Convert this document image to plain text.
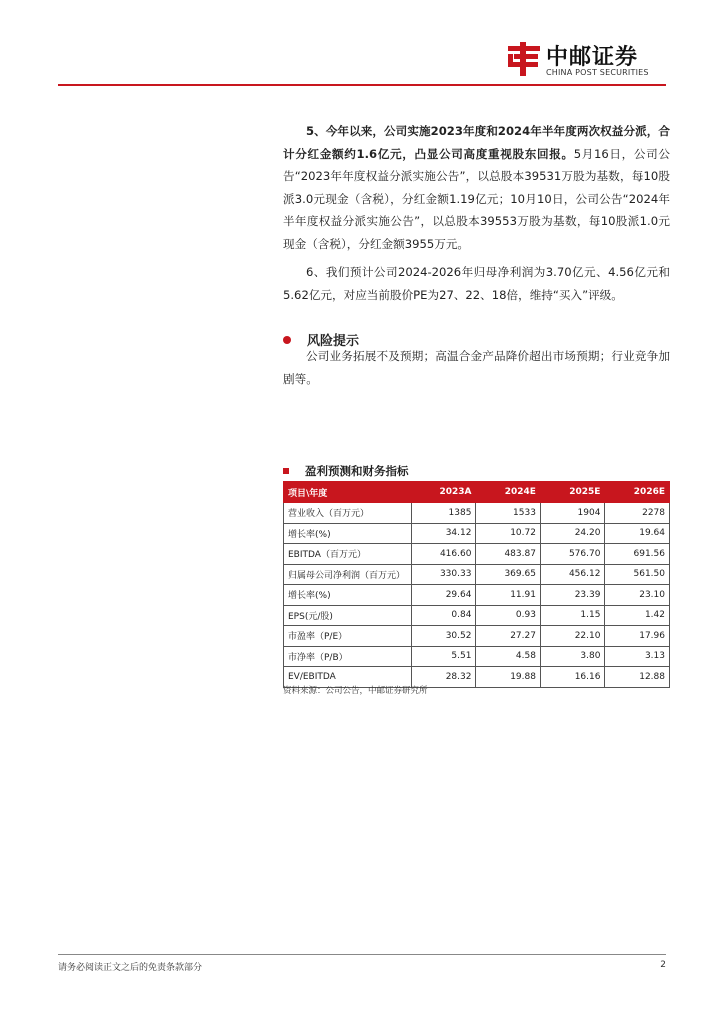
中邮证券
CHINA POST SECURITIES
5、今年以来，公司实施2023年度和2024年半年度两次权益分派，合计分红金额约1.6亿元，凸显公司高度重视股东回报。5月16日，公司公告“2023年年度权益分派实施公告”，以总股本39531万股为基数，每10股派3.0元现金（含税），分红金额1.19亿元；10月10日，公司公告“2024年半年度权益分派实施公告”，以总股本39553万股为基数，每10股派1.0元现金（含税），分红金额3955万元。
6、我们预计公司2024-2026年归母净利润为3.70亿元、4.56亿元和5.62亿元，对应当前股价PE为27、22、18倍，维持“买入”评级。
风险提示
公司业务拓展不及预期；高温合金产品降价超出市场预期；行业竞争加剧等。
盈利预测和财务指标
项目\年度	2023A	2024E	2025E	2026E
营业收入（百万元）	1385	1533	1904	2278
增长率(%)	34.12	10.72	24.20	19.64
EBITDA（百万元）	416.60	483.87	576.70	691.56
归属母公司净利润（百万元）	330.33	369.65	456.12	561.50
增长率(%)	29.64	11.91	23.39	23.10
EPS(元/股)	0.84	0.93	1.15	1.42
市盈率（P/E）	30.52	27.27	22.10	17.96
市净率（P/B）	5.51	4.58	3.80	3.13
EV/EBITDA	28.32	19.88	16.16	12.88
资料来源：公司公告，中邮证券研究所
请务必阅读正文之后的免责条款部分	2
